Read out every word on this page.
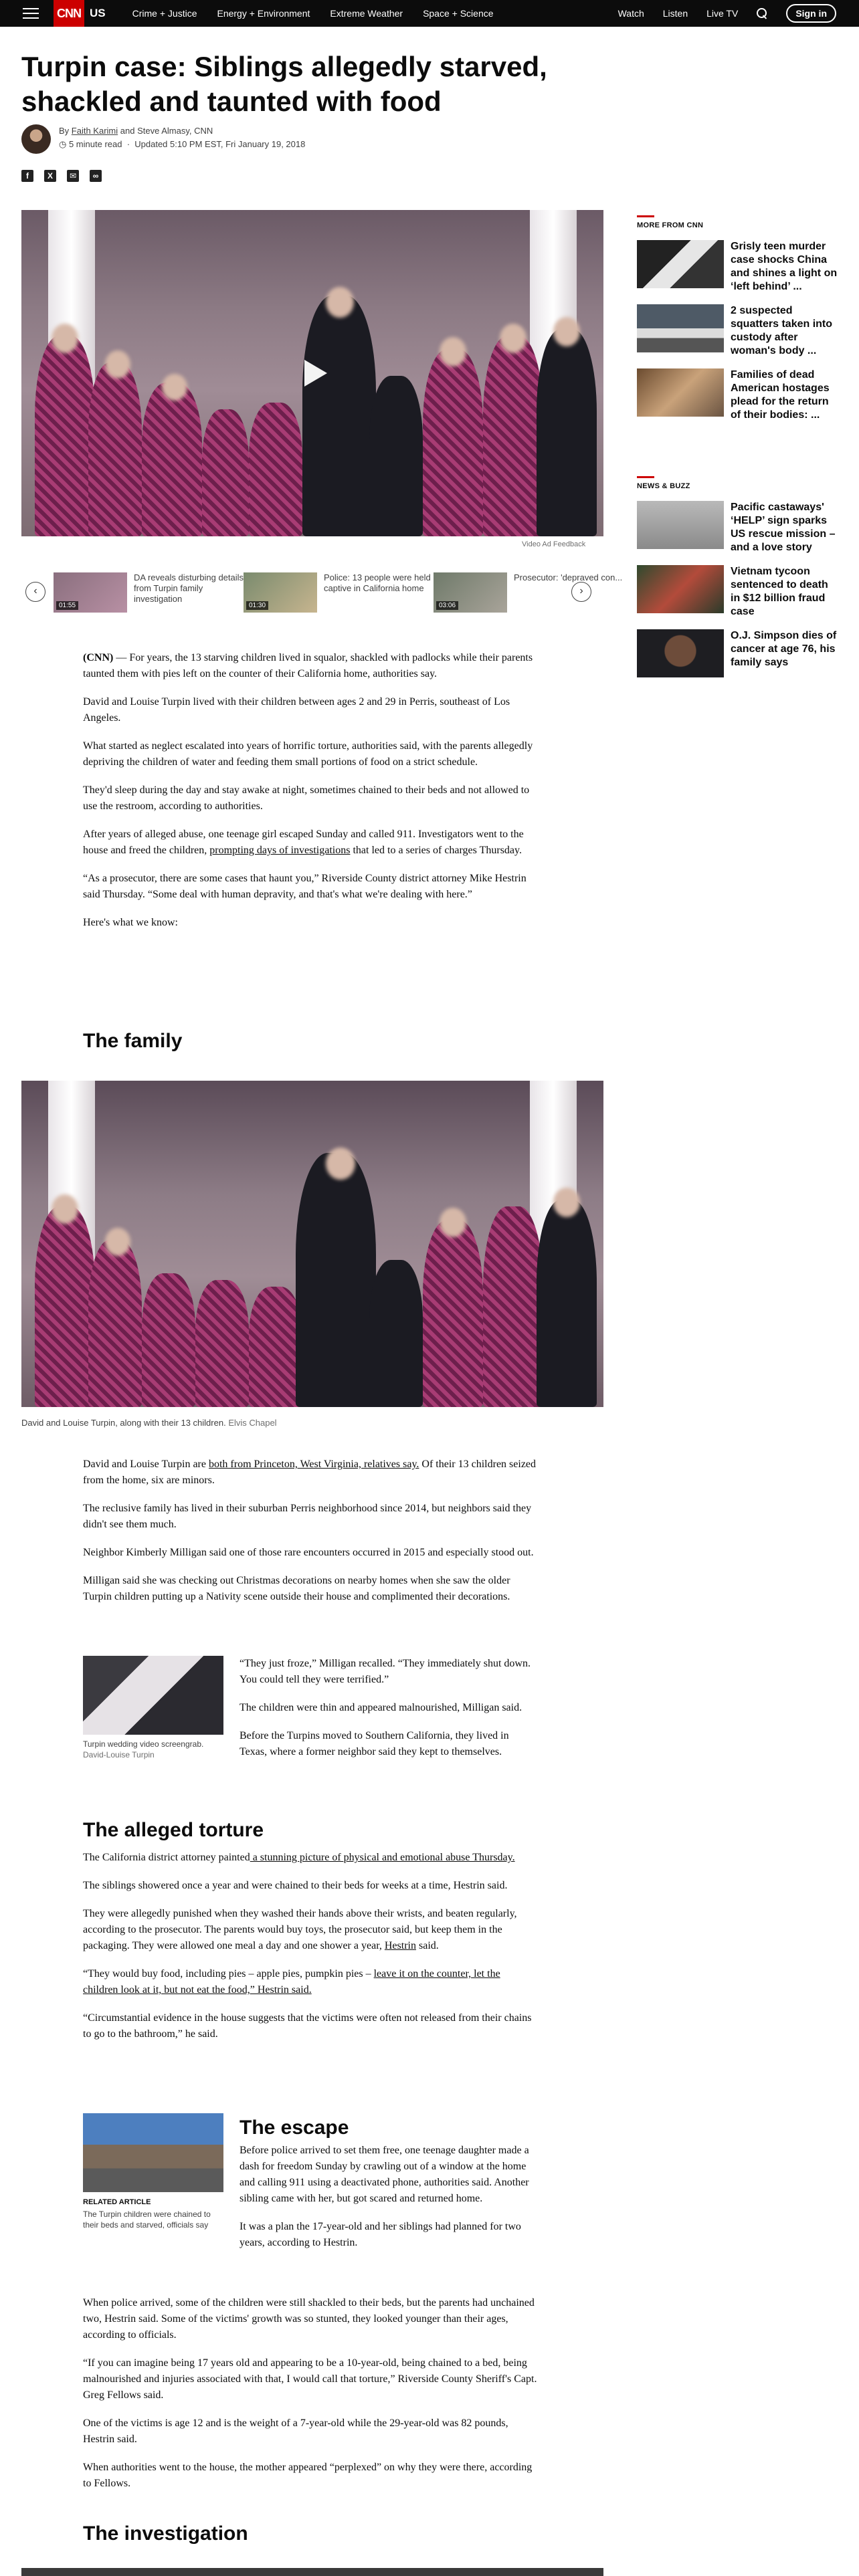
CNN US	Crime + Justice Energy + Environment Extreme Weather Space + Science	Watch Listen Live TV	Sign in
Turpin case: Siblings allegedly starved, shackled and taunted with food
By Faith Karimi and Steve Almasy, CNN
◷ 5 minute read  ·  Updated 5:10 PM EST, Fri January 19, 2018
f	X	✉	∞
Video Ad Feedback
‹
01:55
DA reveals disturbing details from Turpin family investigation
01:30
Police: 13 people were held captive in California home
03:06
Prosecutor: 'depraved con...
›

(CNN) — For years, the 13 starving children lived in squalor, shackled with padlocks while their parents taunted them with pies left on the counter of their California home, authorities say.

David and Louise Turpin lived with their children between ages 2 and 29 in Perris, southeast of Los Angeles.

What started as neglect escalated into years of horrific torture, authorities said, with the parents allegedly depriving the children of water and feeding them small portions of food on a strict schedule.

They'd sleep during the day and stay awake at night, sometimes chained to their beds and not allowed to use the restroom, according to authorities.

After years of alleged abuse, one teenage girl escaped Sunday and called 911. Investigators went to the house and freed the children, prompting days of investigations that led to a series of charges Thursday.

“As a prosecutor, there are some cases that haunt you,” Riverside County district attorney Mike Hestrin said Thursday. “Some deal with human depravity, and that's what we're dealing with here.”

Here's what we know:

The family
David and Louise Turpin, along with their 13 children. Elvis Chapel

David and Louise Turpin are both from Princeton, West Virginia, relatives say. Of their 13 children seized from the home, six are minors.

The reclusive family has lived in their suburban Perris neighborhood since 2014, but neighbors said they didn't see them much.

Neighbor Kimberly Milligan said one of those rare encounters occurred in 2015 and especially stood out.

Milligan said she was checking out Christmas decorations on nearby homes when she saw the older Turpin children putting up a Nativity scene outside their house and complimented their decorations.

Turpin wedding video screengrab. David-Louise Turpin

“They just froze,” Milligan recalled. “They immediately shut down. You could tell they were terrified.”

The children were thin and appeared malnourished, Milligan said.

Before the Turpins moved to Southern California, they lived in Texas, where a former neighbor said they kept to themselves.

The alleged torture

The California district attorney painted a stunning picture of physical and emotional abuse Thursday.

The siblings showered once a year and were chained to their beds for weeks at a time, Hestrin said.

They were allegedly punished when they washed their hands above their wrists, and beaten regularly, according to the prosecutor. The parents would buy toys, the prosecutor said, but keep them in the packaging. They were allowed one meal a day and one shower a year, Hestrin said.

“They would buy food, including pies – apple pies, pumpkin pies – leave it on the counter, let the children look at it, but not eat the food,” Hestrin said.

“Circumstantial evidence in the house suggests that the victims were often not released from their chains to go to the bathroom,” he said.

RELATED ARTICLE
The Turpin children were chained to their beds and starved, officials say
The escape

Before police arrived to set them free, one teenage daughter made a dash for freedom Sunday by crawling out of a window at the home and calling 911 using a deactivated phone, authorities said. Another sibling came with her, but got scared and returned home.

It was a plan the 17-year-old and her siblings had planned for two years, according to Hestrin.

When police arrived, some of the children were still shackled to their beds, but the parents had unchained two, Hestrin said. Some of the victims' growth was so stunted, they looked younger than their ages, according to officials.

“If you can imagine being 17 years old and appearing to be a 10-year-old, being chained to a bed, being malnourished and injuries associated with that, I would call that torture,” Riverside County Sheriff's Capt. Greg Fellows said.

One of the victims is age 12 and is the weight of a 7-year-old while the 29-year-old was 82 pounds, Hestrin said.

When authorities went to the house, the mother appeared “perplexed” on why they were there, according to Fellows.

The investigation
MORE FROM CNN
Grisly teen murder case shocks China and shines a light on ‘left behind’ ...
2 suspected squatters taken into custody after woman's body ...
Families of dead American hostages plead for the return of their bodies: ...
NEWS & BUZZ
Pacific castaways' ‘HELP’ sign sparks US rescue mission – and a love story
Vietnam tycoon sentenced to death in $12 billion fraud case
O.J. Simpson dies of cancer at age 76, his family says
